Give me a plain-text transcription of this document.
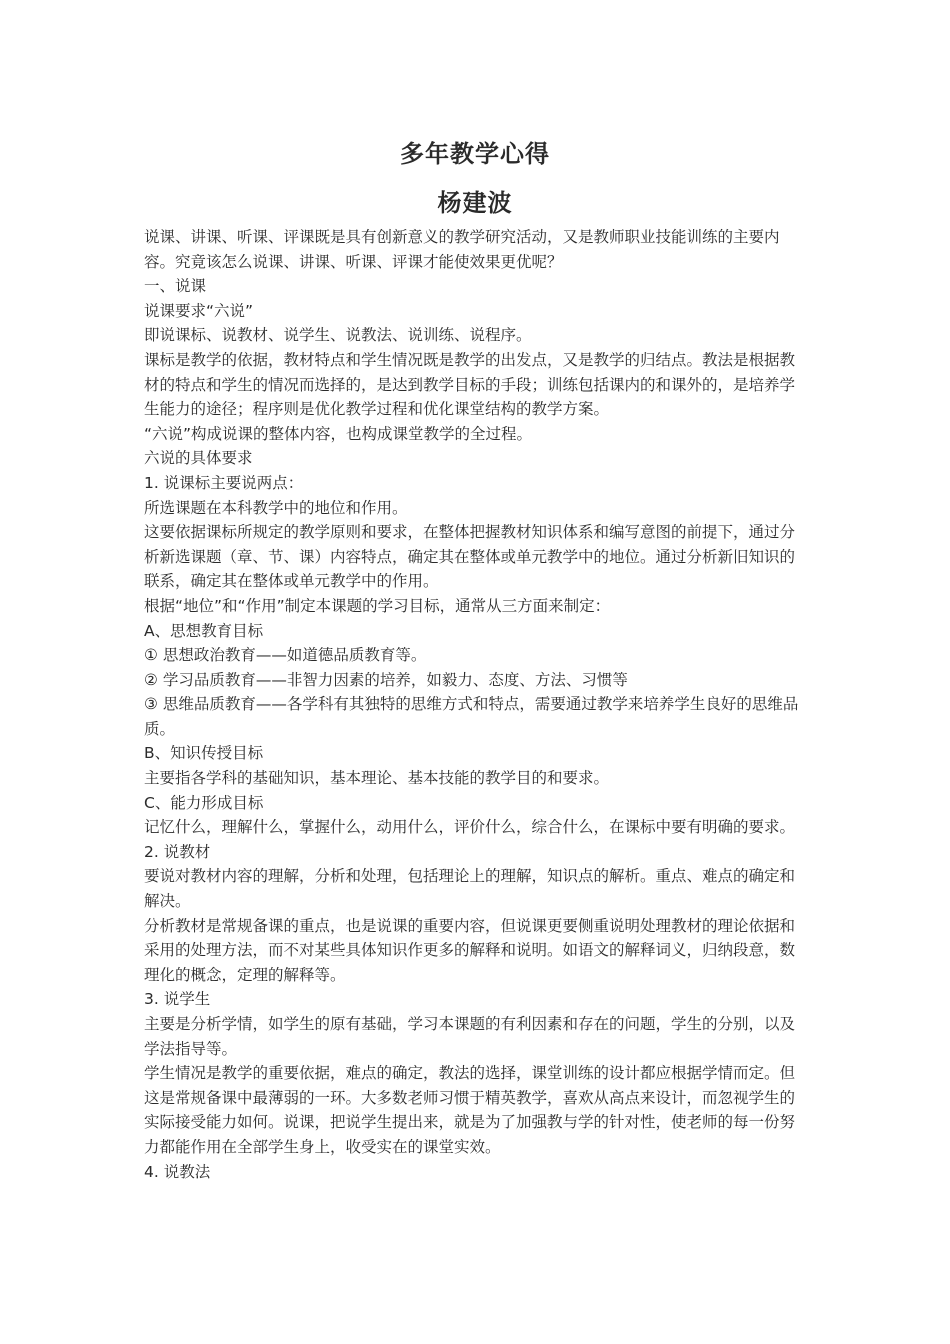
多年教学心得
杨建波

说课、讲课、听课、评课既是具有创新意义的教学研究活动，又是教师职业技能训练的主要内容。究竟该怎么说课、讲课、听课、评课才能使效果更优呢？

一、说课

说课要求“六说”

即说课标、说教材、说学生、说教法、说训练、说程序。

课标是教学的依据，教材特点和学生情况既是教学的出发点，又是教学的归结点。教法是根据教材的特点和学生的情况而选择的，是达到教学目标的手段；训练包括课内的和课外的，是培养学生能力的途径；程序则是优化教学过程和优化课堂结构的教学方案。

“六说”构成说课的整体内容，也构成课堂教学的全过程。

六说的具体要求

1. 说课标主要说两点：

所选课题在本科教学中的地位和作用。

这要依据课标所规定的教学原则和要求，在整体把握教材知识体系和编写意图的前提下，通过分析新选课题（章、节、课）内容特点，确定其在整体或单元教学中的地位。通过分析新旧知识的联系，确定其在整体或单元教学中的作用。

根据“地位”和“作用”制定本课题的学习目标，通常从三方面来制定：

A、思想教育目标

① 思想政治教育——如道德品质教育等。

② 学习品质教育——非智力因素的培养，如毅力、态度、方法、习惯等

③ 思维品质教育——各学科有其独特的思维方式和特点，需要通过教学来培养学生良好的思维品质。

B、知识传授目标

主要指各学科的基础知识，基本理论、基本技能的教学目的和要求。

C、能力形成目标

记忆什么，理解什么，掌握什么，动用什么，评价什么，综合什么，在课标中要有明确的要求。

2. 说教材

要说对教材内容的理解，分析和处理，包括理论上的理解，知识点的解析。重点、难点的确定和解决。

分析教材是常规备课的重点，也是说课的重要内容，但说课更要侧重说明处理教材的理论依据和采用的处理方法，而不对某些具体知识作更多的解释和说明。如语文的解释词义，归纳段意，数理化的概念，定理的解释等。

3. 说学生

主要是分析学情，如学生的原有基础，学习本课题的有利因素和存在的问题，学生的分别，以及学法指导等。

学生情况是教学的重要依据，难点的确定，教法的选择，课堂训练的设计都应根据学情而定。但这是常规备课中最薄弱的一环。大多数老师习惯于精英教学，喜欢从高点来设计，而忽视学生的实际接受能力如何。说课，把说学生提出来，就是为了加强教与学的针对性，使老师的每一份努力都能作用在全部学生身上，收受实在的课堂实效。

4. 说教法
